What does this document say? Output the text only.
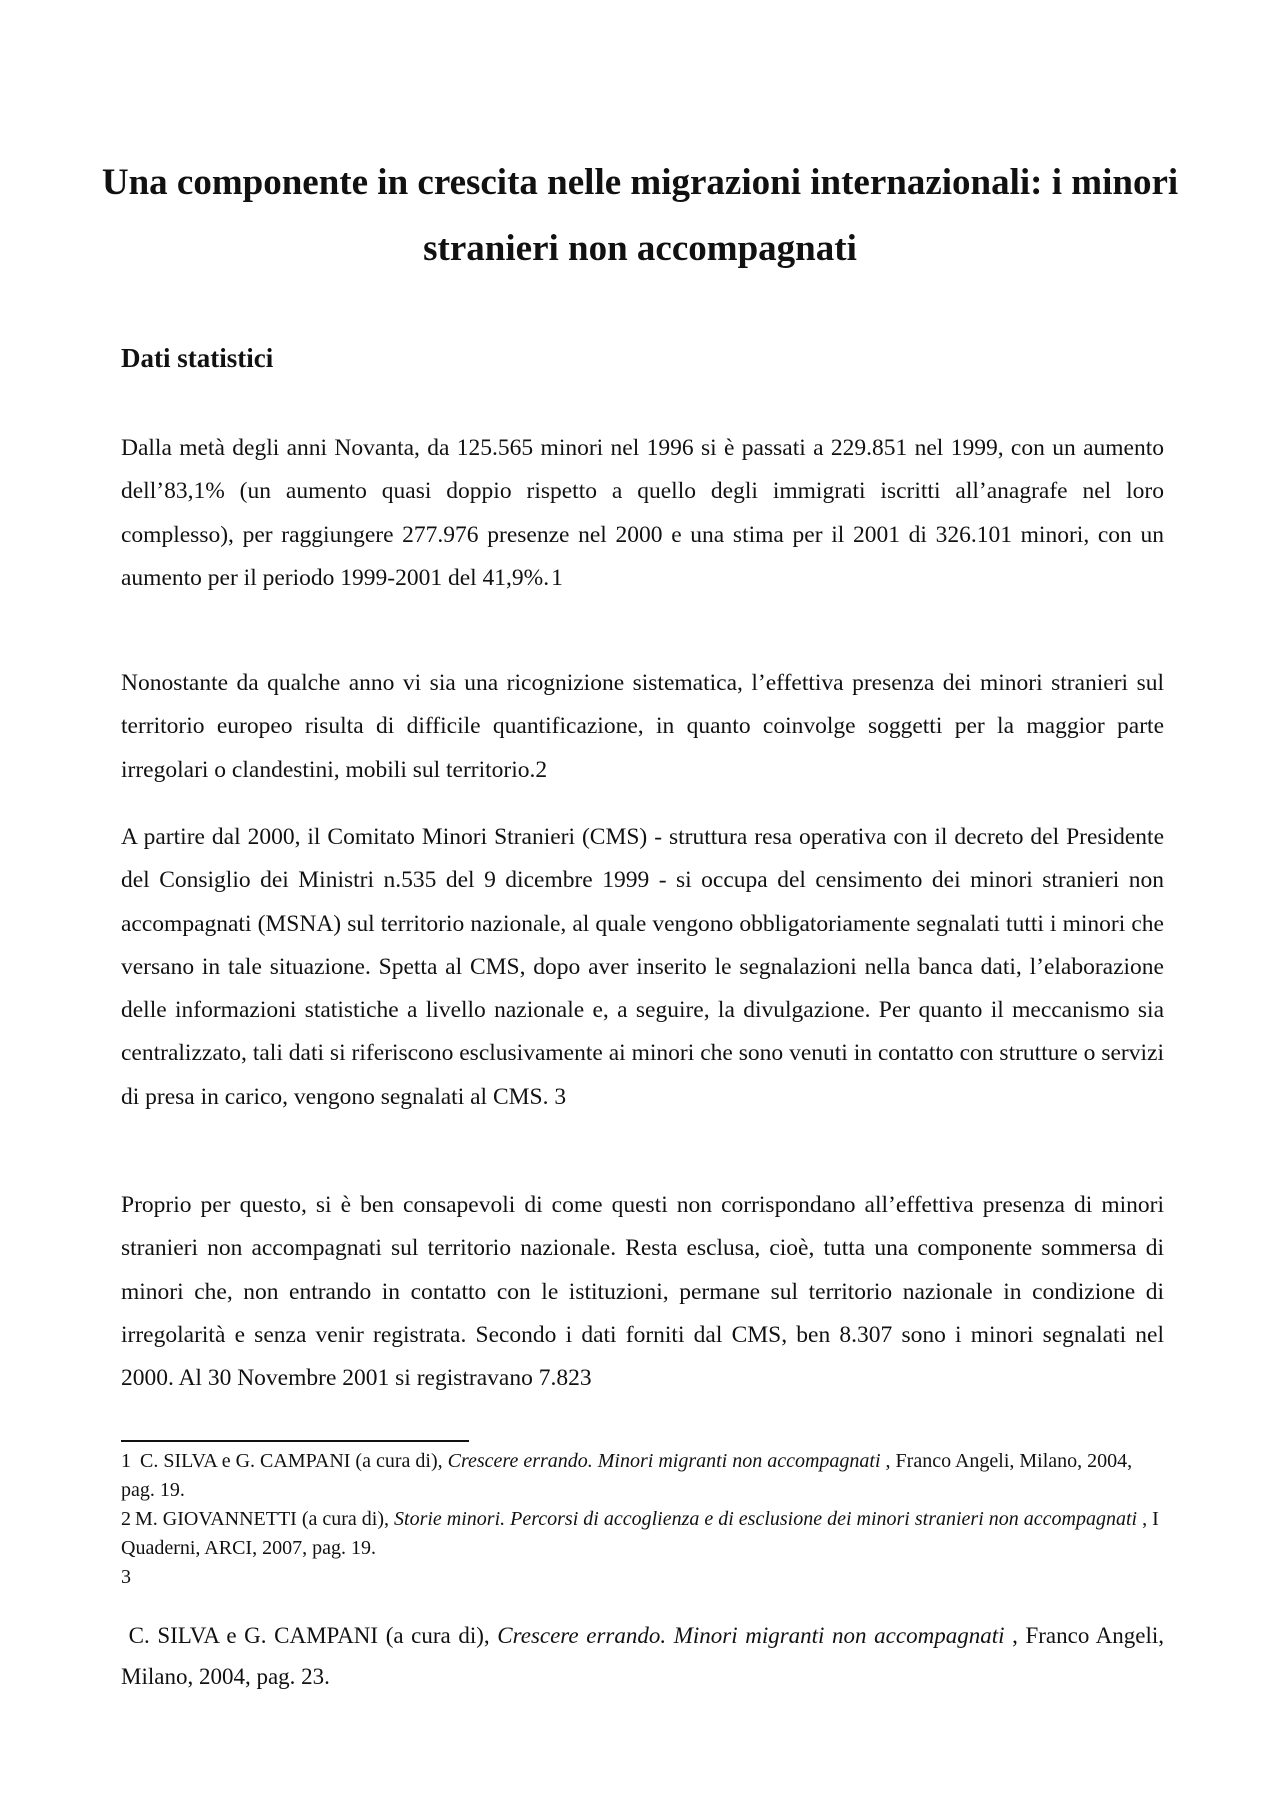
Una componente in crescita nelle migrazioni internazionali: i minori stranieri non accompagnati
Dati statistici

Dalla metà degli anni Novanta, da 125.565 minori nel 1996 si è passati a 229.851 nel 1999, con un aumento dell’83,1% (un aumento quasi doppio rispetto a quello degli immigrati iscritti all’anagrafe nel loro complesso), per raggiungere 277.976 presenze nel 2000 e una stima per il 2001 di 326.101 minori, con un aumento per il periodo 1999-2001 del 41,9%.1

Nonostante da qualche anno vi sia una ricognizione sistematica, l’effettiva presenza dei minori stranieri sul territorio europeo risulta di difficile quantificazione, in quanto coinvolge soggetti per la maggior parte irregolari o clandestini, mobili sul territorio.2

A partire dal 2000, il Comitato Minori Stranieri (CMS) - struttura resa operativa con il decreto del Presidente del Consiglio dei Ministri n.535 del 9 dicembre 1999 - si occupa del censimento dei minori stranieri non accompagnati (MSNA) sul territorio nazionale, al quale vengono obbligatoriamente segnalati tutti i minori che versano in tale situazione. Spetta al CMS, dopo aver inserito le segnalazioni nella banca dati, l’elaborazione delle informazioni statistiche a livello nazionale e, a seguire, la divulgazione. Per quanto il meccanismo sia centralizzato, tali dati si riferiscono esclusivamente ai minori che sono venuti in contatto con strutture o servizi di presa in carico, vengono segnalati al CMS. 3

Proprio per questo, si è ben consapevoli di come questi non corrispondano all’effettiva presenza di minori stranieri non accompagnati sul territorio nazionale. Resta esclusa, cioè, tutta una componente sommersa di minori che, non entrando in contatto con le istituzioni, permane sul territorio nazionale in condizione di irregolarità e senza venir registrata. Secondo i dati forniti dal CMS, ben 8.307 sono i minori segnalati nel 2000. Al 30 Novembre 2001 si registravano 7.823

1 C. SILVA e G. CAMPANI (a cura di), Crescere errando. Minori migranti non accompagnati , Franco Angeli, Milano, 2004, pag. 19.

2 M. GIOVANNETTI (a cura di), Storie minori. Percorsi di accoglienza e di esclusione dei minori stranieri non accompagnati , I Quaderni, ARCI, 2007, pag. 19.

3

C. SILVA e G. CAMPANI (a cura di), Crescere errando. Minori migranti non accompagnati , Franco Angeli, Milano, 2004, pag. 23.
